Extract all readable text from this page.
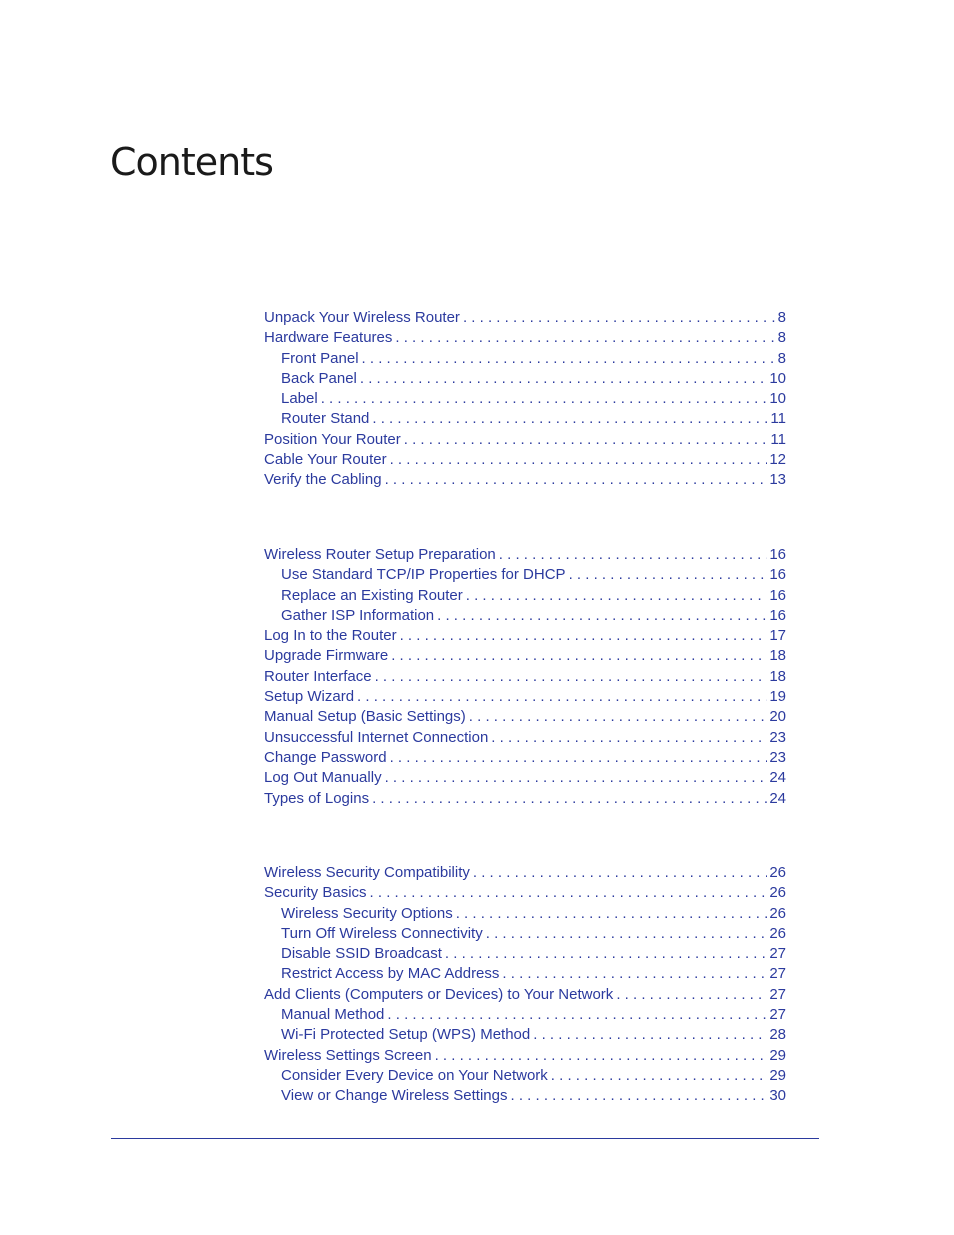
Contents
Unpack Your Wireless Router . . .	8
Hardware Features . . .	8
Front Panel . . .	8
Back Panel . . .	10
Label . . .	10
Router Stand . . .	11
Position Your Router . . .	11
Cable Your Router . . .	12
Verify the Cabling . . .	13
Wireless Router Setup Preparation . . .	16
Use Standard TCP/IP Properties for DHCP . . .	16
Replace an Existing Router . . .	16
Gather ISP Information . . .	16
Log In to the Router . . .	17
Upgrade Firmware . . .	18
Router Interface . . .	18
Setup Wizard . . .	19
Manual Setup (Basic Settings) . . .	20
Unsuccessful Internet Connection . . .	23
Change Password . . .	23
Log Out Manually . . .	24
Types of Logins . . .	24
Wireless Security Compatibility . . .	26
Security Basics . . .	26
Wireless Security Options . . .	26
Turn Off Wireless Connectivity . . .	26
Disable SSID Broadcast . . .	27
Restrict Access by MAC Address . . .	27
Add Clients (Computers or Devices) to Your Network . . .	27
Manual Method . . .	27
Wi-Fi Protected Setup (WPS) Method . . .	28
Wireless Settings Screen . . .	29
Consider Every Device on Your Network . . .	29
View or Change Wireless Settings . . .	30
